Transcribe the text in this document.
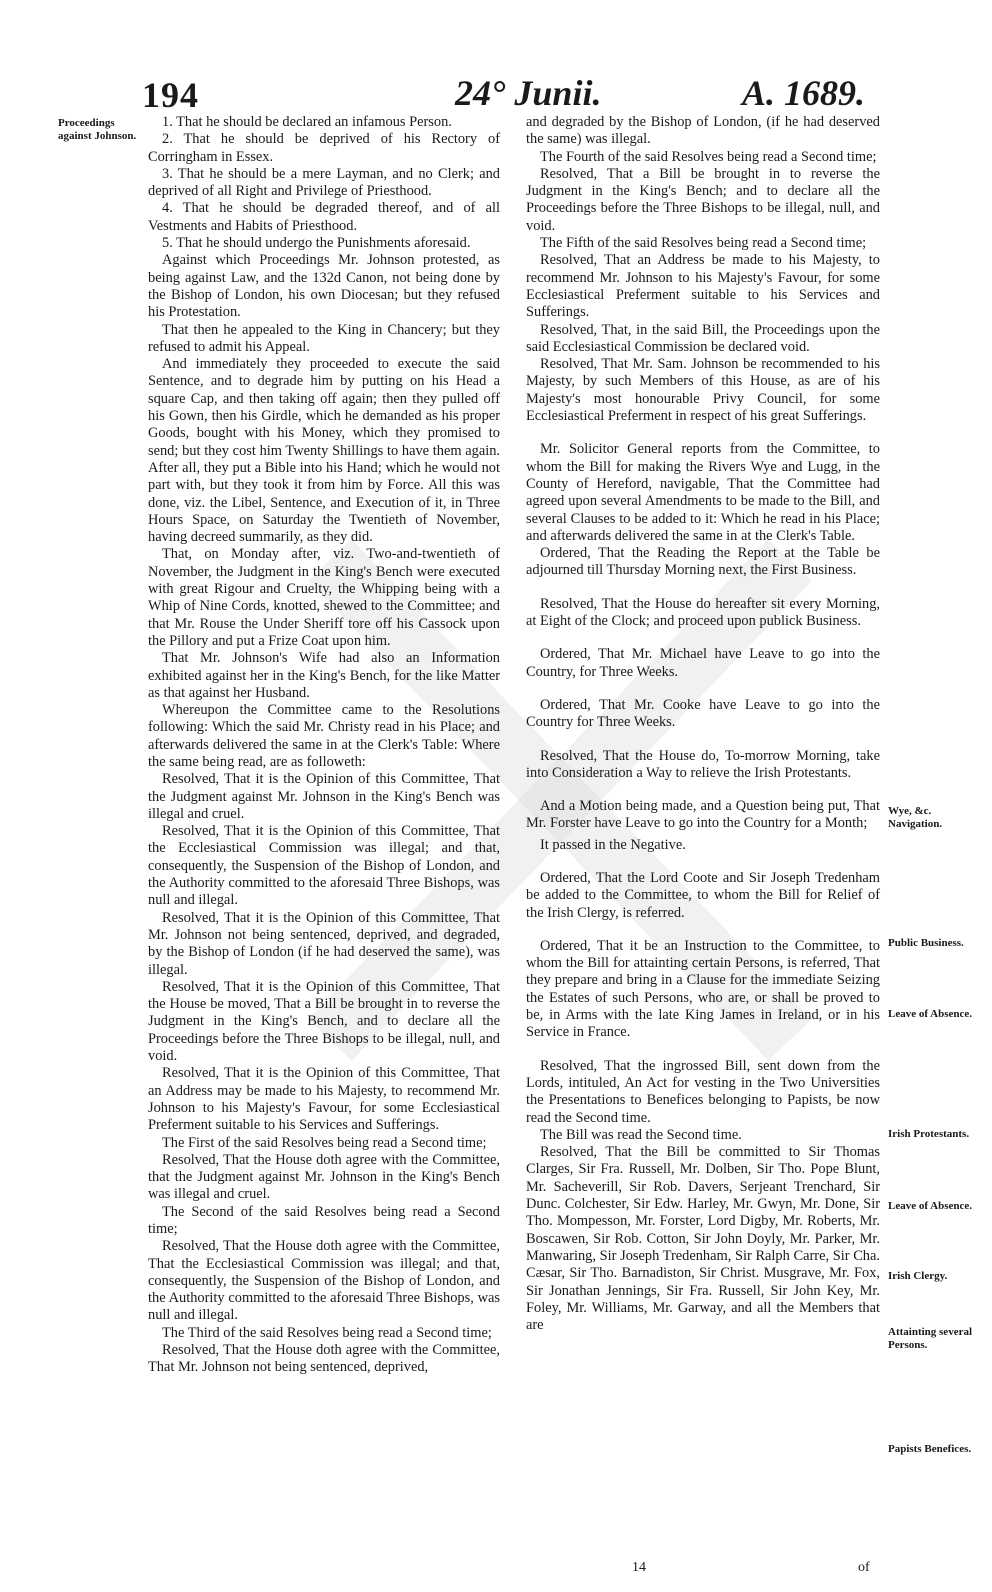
194	24° Junii.	A. 1689.
Proceedings against Johnson.
Wye, &c. Navigation.
Public Business.
Leave of Absence.
Irish Protestants.
Leave of Absence.
Irish Clergy.
Attainting several Persons.
Papists Benefices.

1. That he should be declared an infamous Person.

2. That he should be deprived of his Rectory of Corringham in Essex.

3. That he should be a mere Layman, and no Clerk; and deprived of all Right and Privilege of Priesthood.

4. That he should be degraded thereof, and of all Vestments and Habits of Priesthood.

5. That he should undergo the Punishments aforesaid.

Against which Proceedings Mr. Johnson protested, as being against Law, and the 132d Canon, not being done by the Bishop of London, his own Diocesan; but they refused his Protestation.

That then he appealed to the King in Chancery; but they refused to admit his Appeal.

And immediately they proceeded to execute the said Sentence, and to degrade him by putting on his Head a square Cap, and then taking off again; then they pulled off his Gown, then his Girdle, which he demanded as his proper Goods, bought with his Money, which they promised to send; but they cost him Twenty Shillings to have them again. After all, they put a Bible into his Hand; which he would not part with, but they took it from him by Force. All this was done, viz. the Libel, Sentence, and Execution of it, in Three Hours Space, on Saturday the Twentieth of November, having decreed summarily, as they did.

That, on Monday after, viz. Two-and-twentieth of November, the Judgment in the King's Bench were executed with great Rigour and Cruelty, the Whipping being with a Whip of Nine Cords, knotted, shewed to the Committee; and that Mr. Rouse the Under Sheriff tore off his Cassock upon the Pillory and put a Frize Coat upon him.

That Mr. Johnson's Wife had also an Information exhibited against her in the King's Bench, for the like Matter as that against her Husband.

Whereupon the Committee came to the Resolutions following: Which the said Mr. Christy read in his Place; and afterwards delivered the same in at the Clerk's Table: Where the same being read, are as followeth:

Resolved, That it is the Opinion of this Committee, That the Judgment against Mr. Johnson in the King's Bench was illegal and cruel.

Resolved, That it is the Opinion of this Committee, That the Ecclesiastical Commission was illegal; and that, consequently, the Suspension of the Bishop of London, and the Authority committed to the aforesaid Three Bishops, was null and illegal.

Resolved, That it is the Opinion of this Committee, That Mr. Johnson not being sentenced, deprived, and degraded, by the Bishop of London (if he had deserved the same), was illegal.

Resolved, That it is the Opinion of this Committee, That the House be moved, That a Bill be brought in to reverse the Judgment in the King's Bench, and to declare all the Proceedings before the Three Bishops to be illegal, null, and void.

Resolved, That it is the Opinion of this Committee, That an Address may be made to his Majesty, to recommend Mr. Johnson to his Majesty's Favour, for some Ecclesiastical Preferment suitable to his Services and Sufferings.

The First of the said Resolves being read a Second time;

Resolved, That the House doth agree with the Committee, that the Judgment against Mr. Johnson in the King's Bench was illegal and cruel.

The Second of the said Resolves being read a Second time;

Resolved, That the House doth agree with the Committee, That the Ecclesiastical Commission was illegal; and that, consequently, the Suspension of the Bishop of London, and the Authority committed to the aforesaid Three Bishops, was null and illegal.

The Third of the said Resolves being read a Second time;

Resolved, That the House doth agree with the Committee, That Mr. Johnson not being sentenced, deprived,

and degraded by the Bishop of London, (if he had deserved the same) was illegal.

The Fourth of the said Resolves being read a Second time;

Resolved, That a Bill be brought in to reverse the Judgment in the King's Bench; and to declare all the Proceedings before the Three Bishops to be illegal, null, and void.

The Fifth of the said Resolves being read a Second time;

Resolved, That an Address be made to his Majesty, to recommend Mr. Johnson to his Majesty's Favour, for some Ecclesiastical Preferment suitable to his Services and Sufferings.

Resolved, That, in the said Bill, the Proceedings upon the said Ecclesiastical Commission be declared void.

Resolved, That Mr. Sam. Johnson be recommended to his Majesty, by such Members of this House, as are of his Majesty's most honourable Privy Council, for some Ecclesiastical Preferment in respect of his great Sufferings.

Mr. Solicitor General reports from the Committee, to whom the Bill for making the Rivers Wye and Lugg, in the County of Hereford, navigable, That the Committee had agreed upon several Amendments to be made to the Bill, and several Clauses to be added to it: Which he read in his Place; and afterwards delivered the same in at the Clerk's Table.

Ordered, That the Reading the Report at the Table be adjourned till Thursday Morning next, the First Business.

Resolved, That the House do hereafter sit every Morning, at Eight of the Clock; and proceed upon publick Business.

Ordered, That Mr. Michael have Leave to go into the Country, for Three Weeks.

Ordered, That Mr. Cooke have Leave to go into the Country for Three Weeks.

Resolved, That the House do, To-morrow Morning, take into Consideration a Way to relieve the Irish Protestants.

And a Motion being made, and a Question being put, That Mr. Forster have Leave to go into the Country for a Month;

It passed in the Negative.

Ordered, That the Lord Coote and Sir Joseph Tredenham be added to the Committee, to whom the Bill for Relief of the Irish Clergy, is referred.

Ordered, That it be an Instruction to the Committee, to whom the Bill for attainting certain Persons, is referred, That they prepare and bring in a Clause for the immediate Seizing the Estates of such Persons, who are, or shall be proved to be, in Arms with the late King James in Ireland, or in his Service in France.

Resolved, That the ingrossed Bill, sent down from the Lords, intituled, An Act for vesting in the Two Universities the Presentations to Benefices belonging to Papists, be now read the Second time.

The Bill was read the Second time.

Resolved, That the Bill be committed to Sir Thomas Clarges, Sir Fra. Russell, Mr. Dolben, Sir Tho. Pope Blunt, Mr. Sacheverill, Sir Rob. Davers, Serjeant Trenchard, Sir Dunc. Colchester, Sir Edw. Harley, Mr. Gwyn, Mr. Done, Sir Tho. Mompesson, Mr. Forster, Lord Digby, Mr. Roberts, Mr. Boscawen, Sir Rob. Cotton, Sir John Doyly, Mr. Parker, Mr. Manwaring, Sir Joseph Tredenham, Sir Ralph Carre, Sir Cha. Cæsar, Sir Tho. Barnadiston, Sir Christ. Musgrave, Mr. Fox, Sir Jonathan Jennings, Sir Fra. Russell, Sir John Key, Mr. Foley, Mr. Williams, Mr. Garway, and all the Members that are

14	of
